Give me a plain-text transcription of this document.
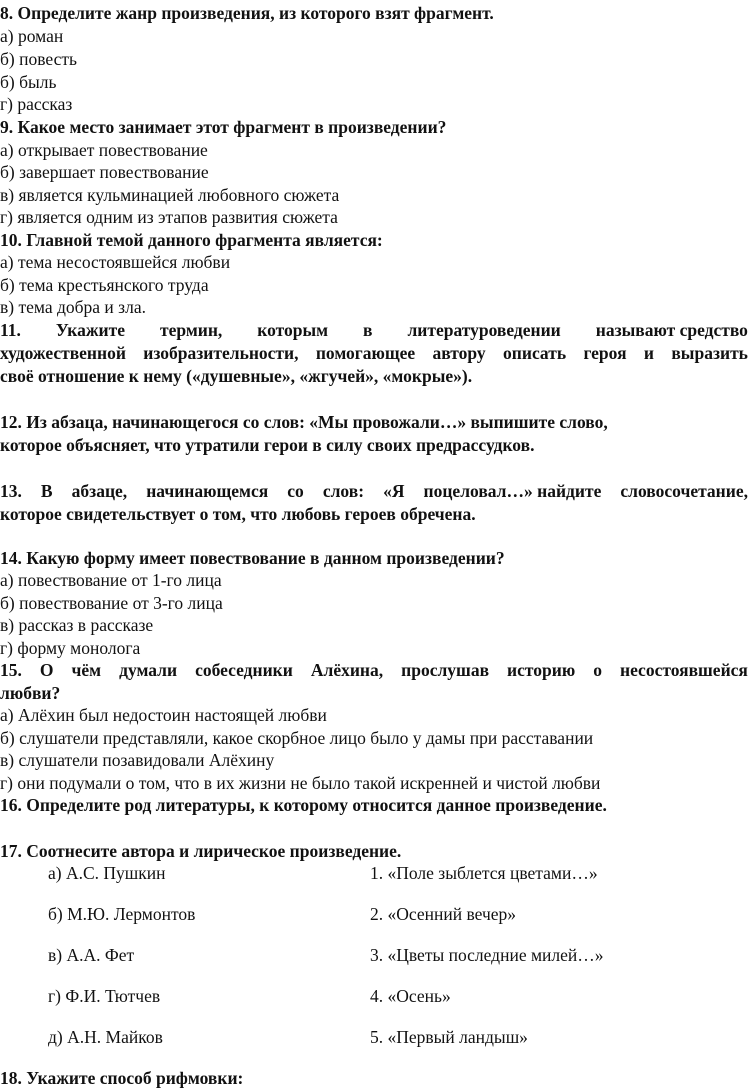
8. Определите жанр произведения, из которого взят фрагмент.
а) роман
б) повесть
б) быль
г) рассказ
9. Какое место занимает этот фрагмент в произведении?
а) открывает повествование
б) завершает повествование
в) является кульминацией любовного сюжета
г) является одним из этапов развития сюжета
10. Главной темой данного фрагмента является:
а) тема несостоявшейся любви
б) тема крестьянского труда
в) тема добра и зла.
11. Укажите термин, которым в литературоведении называют средство
художественной изобразительности, помогающее автору описать героя и выразить
своё отношение к нему («душевные», «жгучей», «мокрые»).
12. Из абзаца, начинающегося со слов: «Мы провожали…» выпишите слово,
которое объясняет, что утратили герои в силу своих предрассудков.
13. В абзаце, начинающемся со слов: «Я поцеловал…» найдите словосочетание,
которое свидетельствует о том, что любовь героев обречена.
14. Какую форму имеет повествование в данном произведении?
а) повествование от 1-го лица
б) повествование от 3-го лица
в) рассказ в рассказе
г) форму монолога
15. О чём думали собеседники Алёхина, прослушав историю о несостоявшейся
любви?
а) Алёхин был недостоин настоящей любви
б) слушатели представляли, какое скорбное лицо было у дамы при расставании
в) слушатели позавидовали Алёхину
г) они подумали о том, что в их жизни не было такой искренней и чистой любви
16. Определите род литературы, к которому относится данное произведение.
17. Соотнесите автора и лирическое произведение.
а) А.С. Пушкин	1. «Поле зыблется цветами…»
б) М.Ю. Лермонтов	2. «Осенний вечер»
в) А.А. Фет	3. «Цветы последние милей…»
г) Ф.И. Тютчев	4. «Осень»
д) А.Н. Майков	5. «Первый ландыш»
18. Укажите способ рифмовки:
